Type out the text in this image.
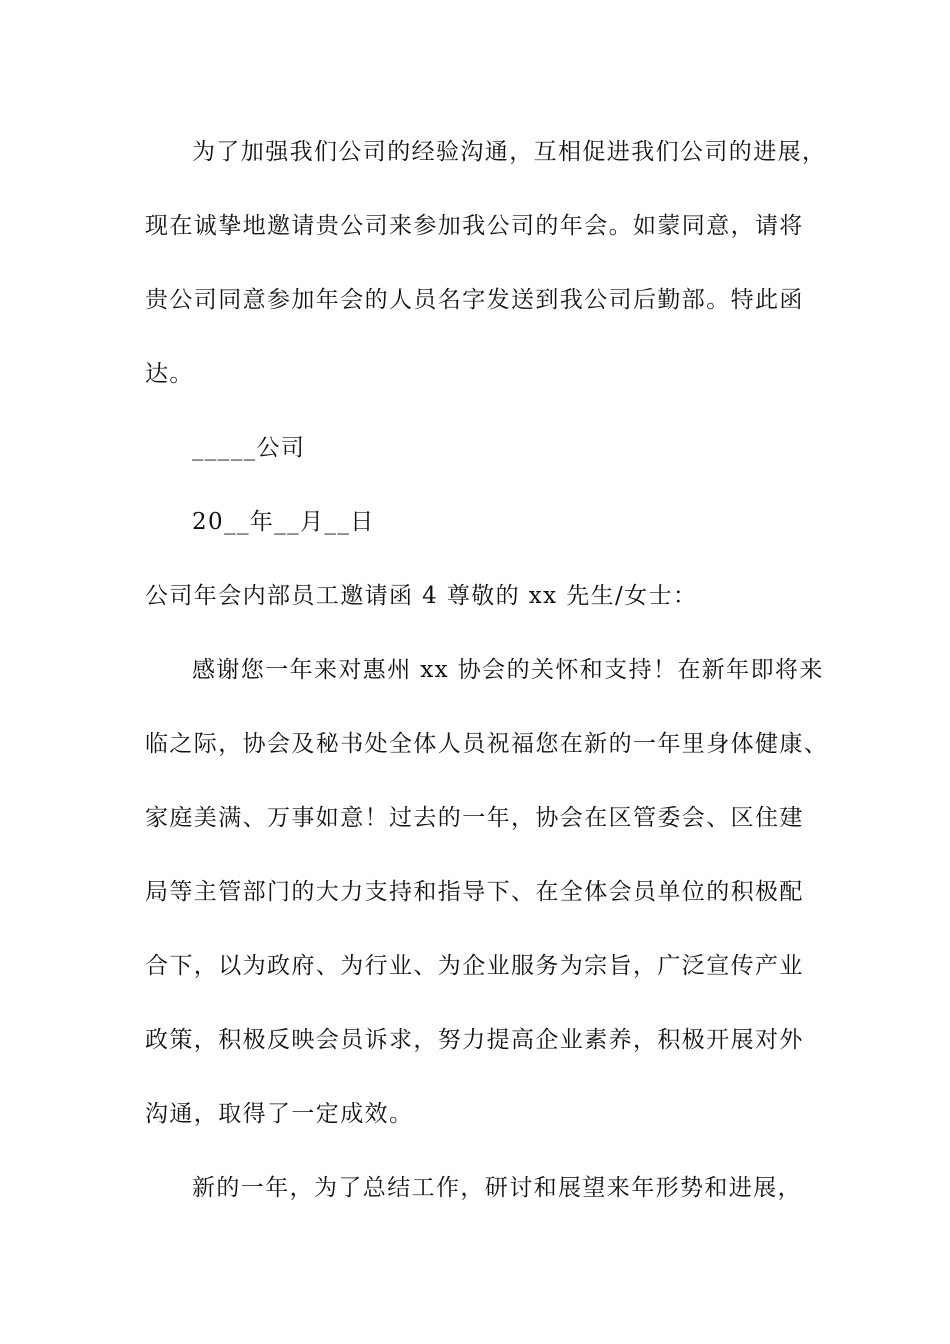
为了加强我们公司的经验沟通，互相促进我们公司的进展，
现在诚挚地邀请贵公司来参加我公司的年会。如蒙同意，请将
贵公司同意参加年会的人员名字发送到我公司后勤部。特此函
达。
_____公司
20__年__月__日
公司年会内部员工邀请函 4 尊敬的 xx 先生/女士：
感谢您一年来对惠州 xx 协会的关怀和支持！在新年即将来
临之际，协会及秘书处全体人员祝福您在新的一年里身体健康、
家庭美满、万事如意！过去的一年，协会在区管委会、区住建
局等主管部门的大力支持和指导下、在全体会员单位的积极配
合下，以为政府、为行业、为企业服务为宗旨，广泛宣传产业
政策，积极反映会员诉求，努力提高企业素养，积极开展对外
沟通，取得了一定成效。
新的一年，为了总结工作，研讨和展望来年形势和进展，
